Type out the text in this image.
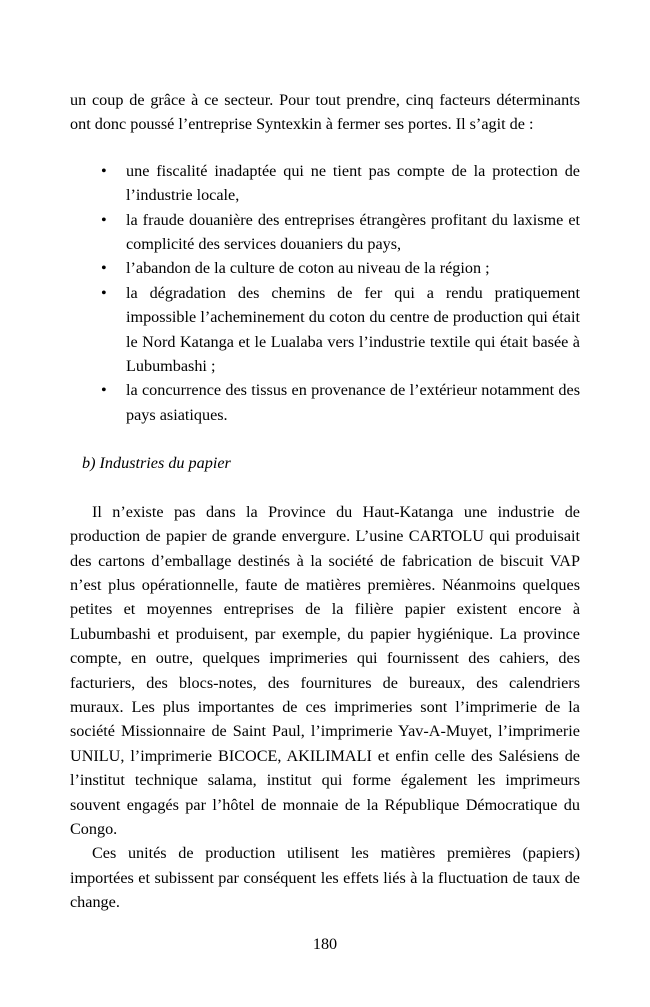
un coup de grâce à ce secteur. Pour tout prendre, cinq facteurs déterminants ont donc poussé l’entreprise Syntexkin à fermer ses portes. Il s’agit de :

• une fiscalité inadaptée qui ne tient pas compte de la protection de l’industrie locale,
• la fraude douanière des entreprises étrangères profitant du laxisme et complicité des services douaniers du pays,
• l’abandon de la culture de coton au niveau de la région ;
• la dégradation des chemins de fer qui a rendu pratiquement impossible l’acheminement du coton du centre de production qui était le Nord Katanga et le Lualaba vers l’industrie textile qui était basée à Lubumbashi ;
• la concurrence des tissus en provenance de l’extérieur notamment des pays asiatiques.
b) Industries du papier

Il n’existe pas dans la Province du Haut-Katanga une industrie de production de papier de grande envergure. L’usine CARTOLU qui produisait des cartons d’emballage destinés à la société de fabrication de biscuit VAP n’est plus opérationnelle, faute de matières premières. Néanmoins quelques petites et moyennes entreprises de la filière papier existent encore à Lubumbashi et produisent, par exemple, du papier hygiénique. La province compte, en outre, quelques imprimeries qui fournissent des cahiers, des facturiers, des blocs-notes, des fournitures de bureaux, des calendriers muraux. Les plus importantes de ces imprimeries sont l’imprimerie de la société Missionnaire de Saint Paul, l’imprimerie Yav-A-Muyet, l’imprimerie UNILU, l’imprimerie BICOCE, AKILIMALI et enfin celle des Salésiens de l’institut technique salama, institut qui forme également les imprimeurs souvent engagés par l’hôtel de monnaie de la République Démocratique du Congo.

Ces unités de production utilisent les matières premières (papiers) importées et subissent par conséquent les effets liés à la fluctuation de taux de change.

180
